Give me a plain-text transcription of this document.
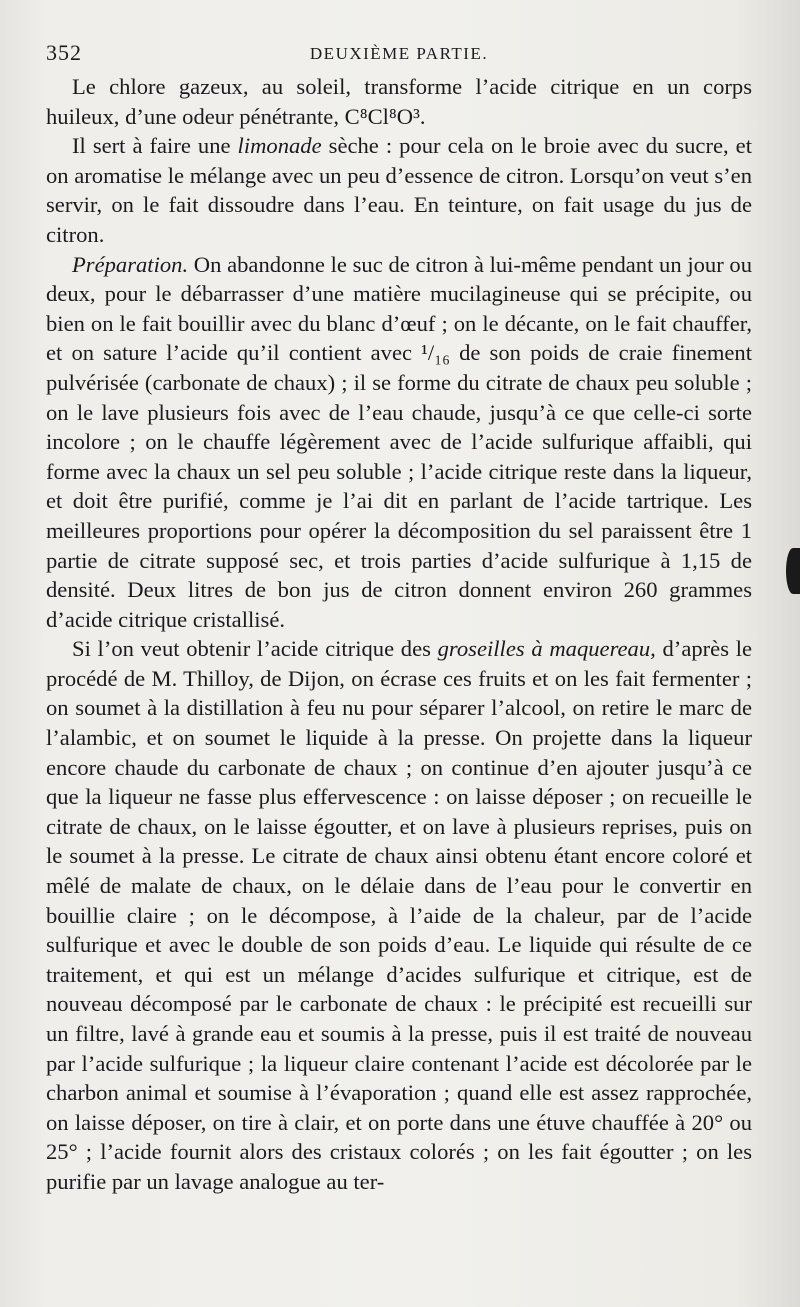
352	DEUXIÈME PARTIE.

Le chlore gazeux, au soleil, transforme l’acide citrique en un corps huileux, d’une odeur pénétrante, C⁸Cl⁸O³.

Il sert à faire une limonade sèche : pour cela on le broie avec du sucre, et on aromatise le mélange avec un peu d’essence de citron. Lorsqu’on veut s’en servir, on le fait dissoudre dans l’eau. En teinture, on fait usage du jus de citron.

Préparation. On abandonne le suc de citron à lui-même pendant un jour ou deux, pour le débarrasser d’une matière mucilagineuse qui se précipite, ou bien on le fait bouillir avec du blanc d’œuf ; on le décante, on le fait chauffer, et on sature l’acide qu’il contient avec ¹/₁₆ de son poids de craie finement pulvérisée (carbonate de chaux) ; il se forme du citrate de chaux peu soluble ; on le lave plusieurs fois avec de l’eau chaude, jusqu’à ce que celle-ci sorte incolore ; on le chauffe légèrement avec de l’acide sulfurique affaibli, qui forme avec la chaux un sel peu soluble ; l’acide citrique reste dans la liqueur, et doit être purifié, comme je l’ai dit en parlant de l’acide tartrique. Les meilleures proportions pour opérer la décomposition du sel paraissent être 1 partie de citrate supposé sec, et trois parties d’acide sulfurique à 1,15 de densité. Deux litres de bon jus de citron donnent environ 260 grammes d’acide citrique cristallisé.

Si l’on veut obtenir l’acide citrique des groseilles à maquereau, d’après le procédé de M. Thilloy, de Dijon, on écrase ces fruits et on les fait fermenter ; on soumet à la distillation à feu nu pour séparer l’alcool, on retire le marc de l’alambic, et on soumet le liquide à la presse. On projette dans la liqueur encore chaude du carbonate de chaux ; on continue d’en ajouter jusqu’à ce que la liqueur ne fasse plus effervescence : on laisse déposer ; on recueille le citrate de chaux, on le laisse égoutter, et on lave à plusieurs reprises, puis on le soumet à la presse. Le citrate de chaux ainsi obtenu étant encore coloré et mêlé de malate de chaux, on le délaie dans de l’eau pour le convertir en bouillie claire ; on le décompose, à l’aide de la chaleur, par de l’acide sulfurique et avec le double de son poids d’eau. Le liquide qui résulte de ce traitement, et qui est un mélange d’acides sulfurique et citrique, est de nouveau décomposé par le carbonate de chaux : le précipité est recueilli sur un filtre, lavé à grande eau et soumis à la presse, puis il est traité de nouveau par l’acide sulfurique ; la liqueur claire contenant l’acide est décolorée par le charbon animal et soumise à l’évaporation ; quand elle est assez rapprochée, on laisse déposer, on tire à clair, et on porte dans une étuve chauffée à 20° ou 25° ; l’acide fournit alors des cristaux colorés ; on les fait égoutter ; on les purifie par un lavage analogue au ter-
